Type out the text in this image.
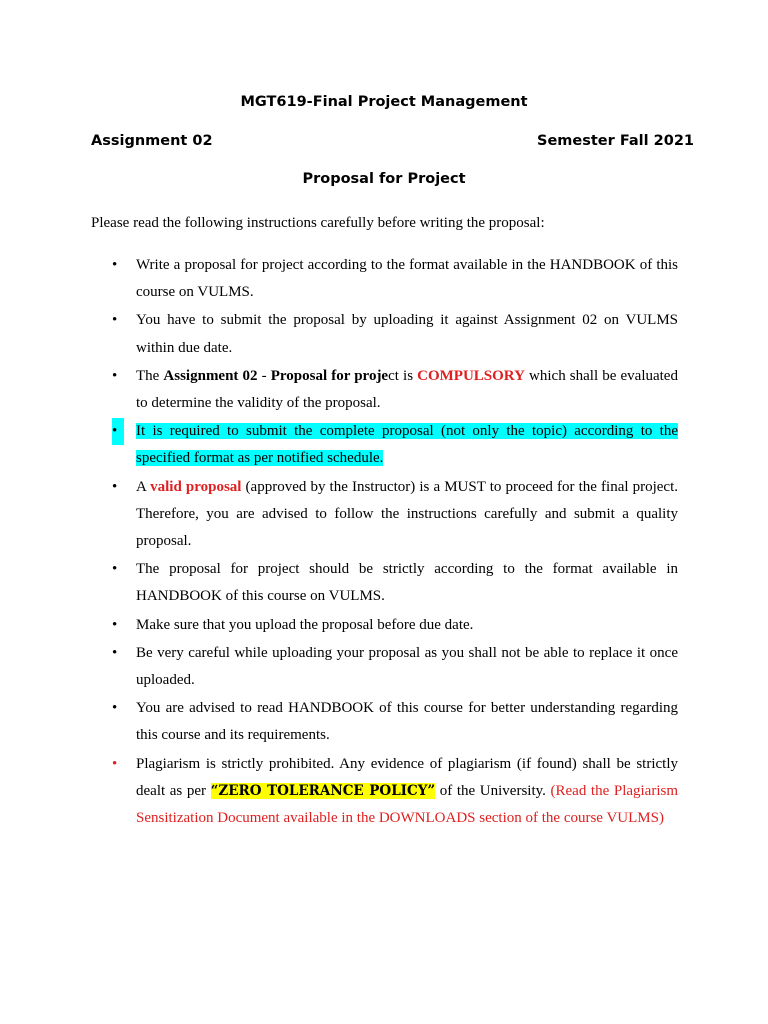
MGT619-Final Project Management
Assignment 02	Semester Fall 2021
Proposal for Project
Please read the following instructions carefully before writing the proposal:
•	Write a proposal for project according to the format available in the HANDBOOK of this course on VULMS.
•	You have to submit the proposal by uploading it against Assignment 02 on VULMS within due date.
•	The Assignment 02 - Proposal for project is COMPULSORY which shall be evaluated to determine the validity of the proposal.
•	It is required to submit the complete proposal (not only the topic) according to the specified format as per notified schedule.
•	A valid proposal (approved by the Instructor) is a MUST to proceed for the final project. Therefore, you are advised to follow the instructions carefully and submit a quality proposal.
•	The proposal for project should be strictly according to the format available in HANDBOOK of this course on VULMS.
•	Make sure that you upload the proposal before due date.
•	Be very careful while uploading your proposal as you shall not be able to replace it once uploaded.
•	You are advised to read HANDBOOK of this course for better understanding regarding this course and its requirements.
•	Plagiarism is strictly prohibited. Any evidence of plagiarism (if found) shall be strictly dealt as per “ZERO TOLERANCE POLICY” of the University. (Read the Plagiarism Sensitization Document available in the DOWNLOADS section of the course VULMS)
